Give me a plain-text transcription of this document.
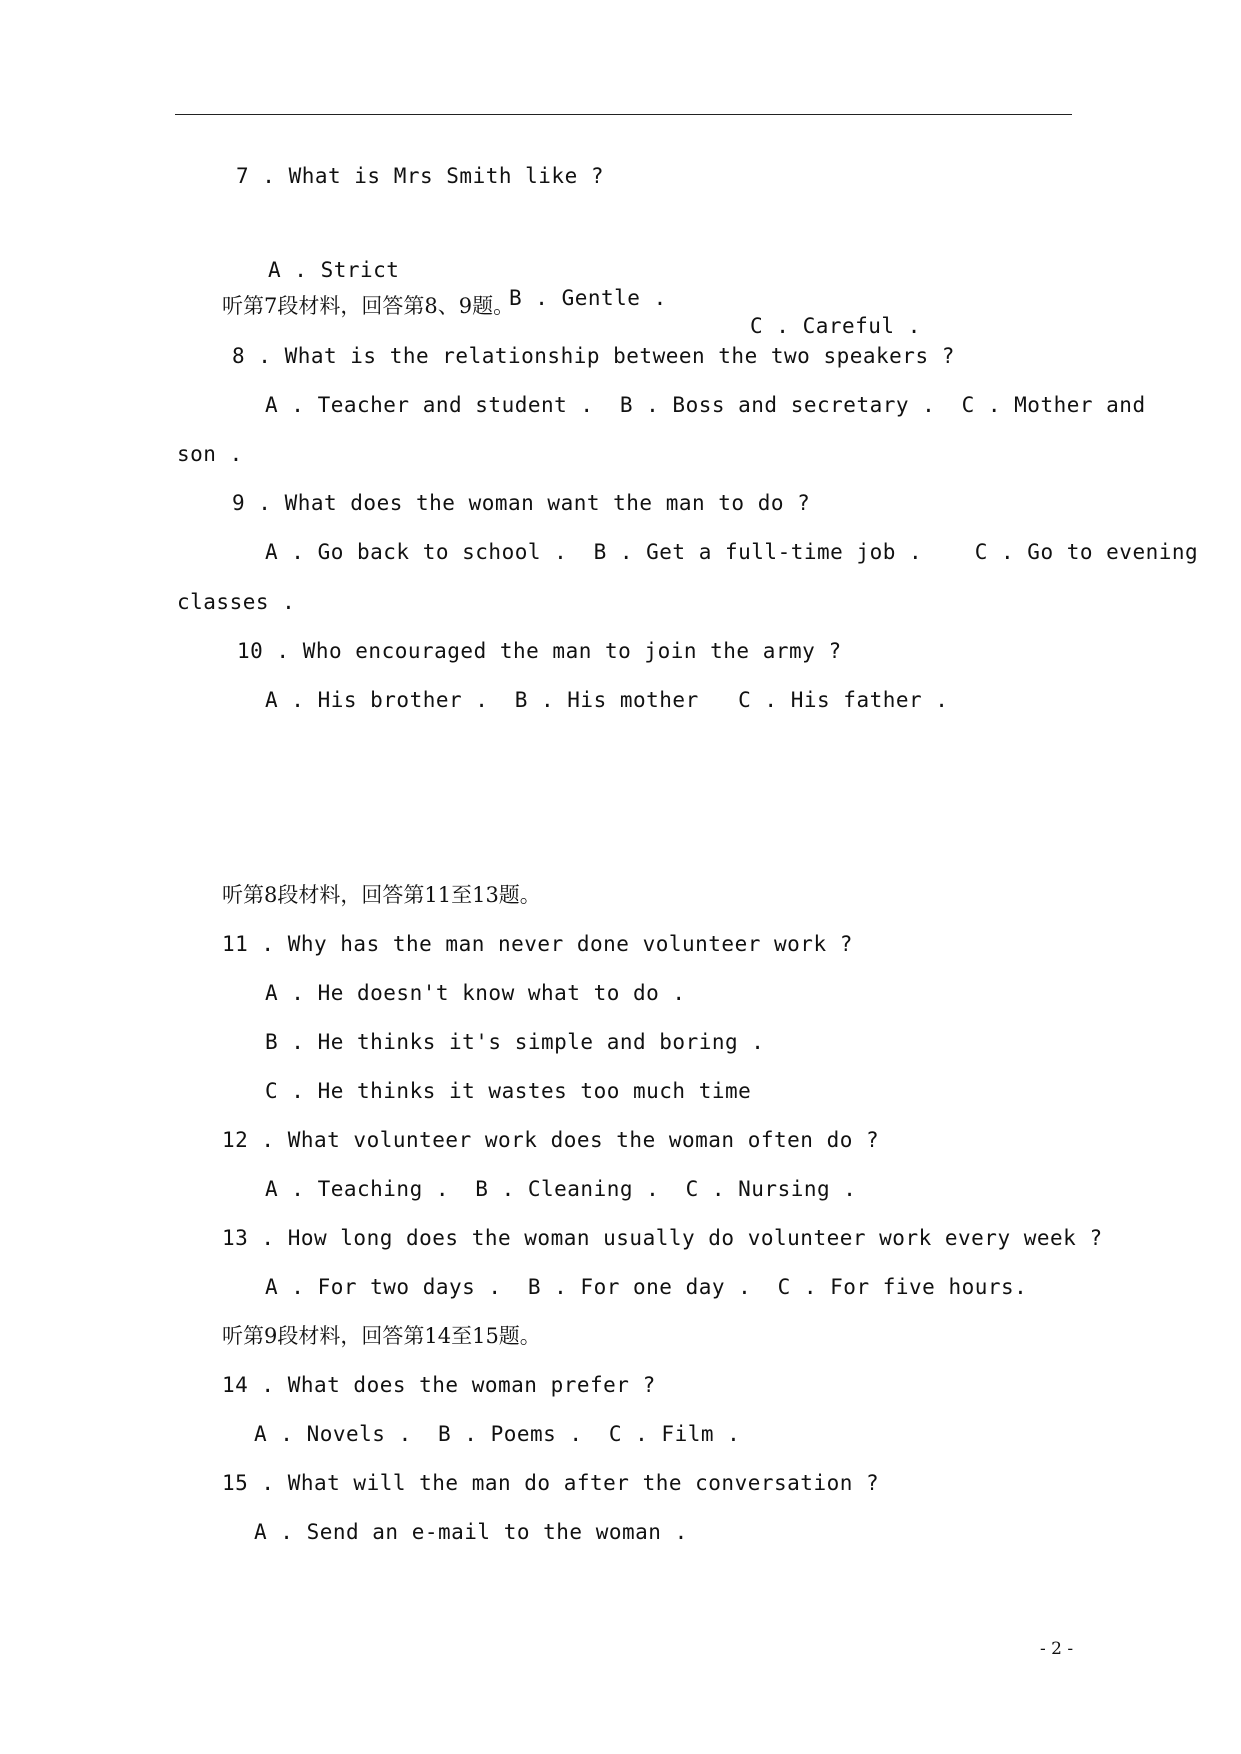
7 . What is Mrs Smith like ?

A . Strict

B . Gentle .

C . Careful .

听第7段材料，回答第8、9题。
8 . What is the relationship between the two speakers ?
A . Teacher and student .  B . Boss and secretary .  C . Mother and
son .
9 . What does the woman want the man to do ?
A . Go back to school .  B . Get a full-time job .    C . Go to evening
classes .
10 . Who encouraged the man to join the army ?
A . His brother .  B . His mother   C . His father .
听第8段材料，回答第11至13题。
11 . Why has the man never done volunteer work ?
A . He doesn't know what to do .
B . He thinks it's simple and boring .
C . He thinks it wastes too much time
12 . What volunteer work does the woman often do ?
A . Teaching .  B . Cleaning .  C . Nursing .
13 . How long does the woman usually do volunteer work every week ?
A . For two days .  B . For one day .  C . For five hours.
听第9段材料，回答第14至15题。
14 . What does the woman prefer ?
A . Novels .  B . Poems .  C . Film .
15 . What will the man do after the conversation ?
A . Send an e-mail to the woman .
- 2 -
